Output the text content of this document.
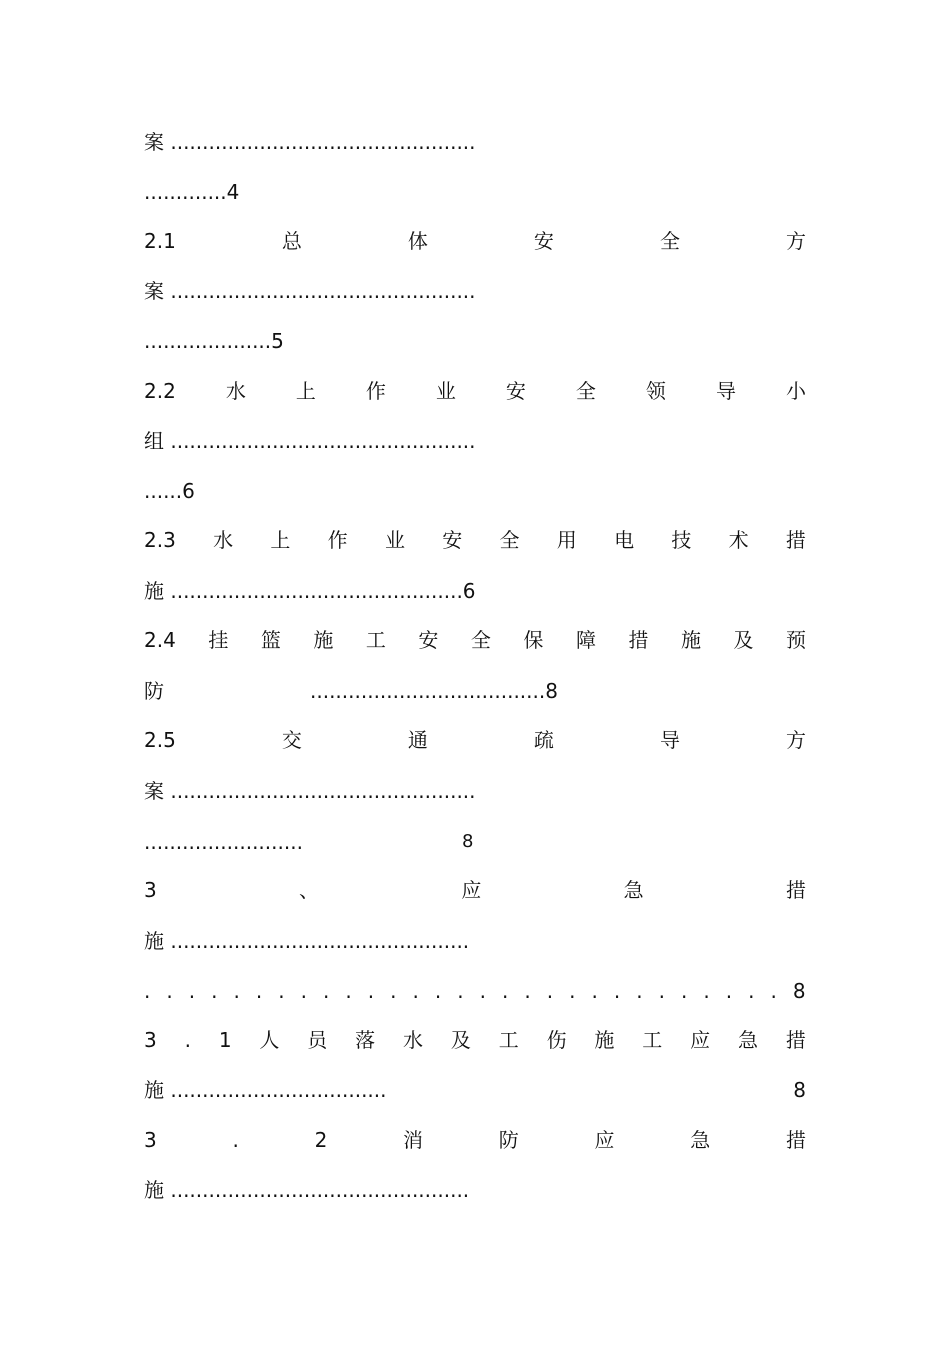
案 ................................................
.............4
2.1	总	体	安	全	方
案 ................................................
....................5
2.2	水	上	作	业	安	全	领	导	小
组 ................................................
......6
2.3 水 上 作 业 安 全 用 电 技 术 措
施 ..............................................6
2.4 挂 篮 施 工 安 全 保 障 措 施 及 预
防	.....................................8
2.5	交	通	疏	导	方
案 ................................................
.........................	8
3	、	应	急	措
施 ...............................................
. . . . . . . . . . . . . . . . . . . . . . . . . . . . . 8
3 . 1 人 员 落 水 及 工 伤 施 工 应 急 措
施 ..................................	8
3	.	2	消	防	应	急	措
施 ...............................................
